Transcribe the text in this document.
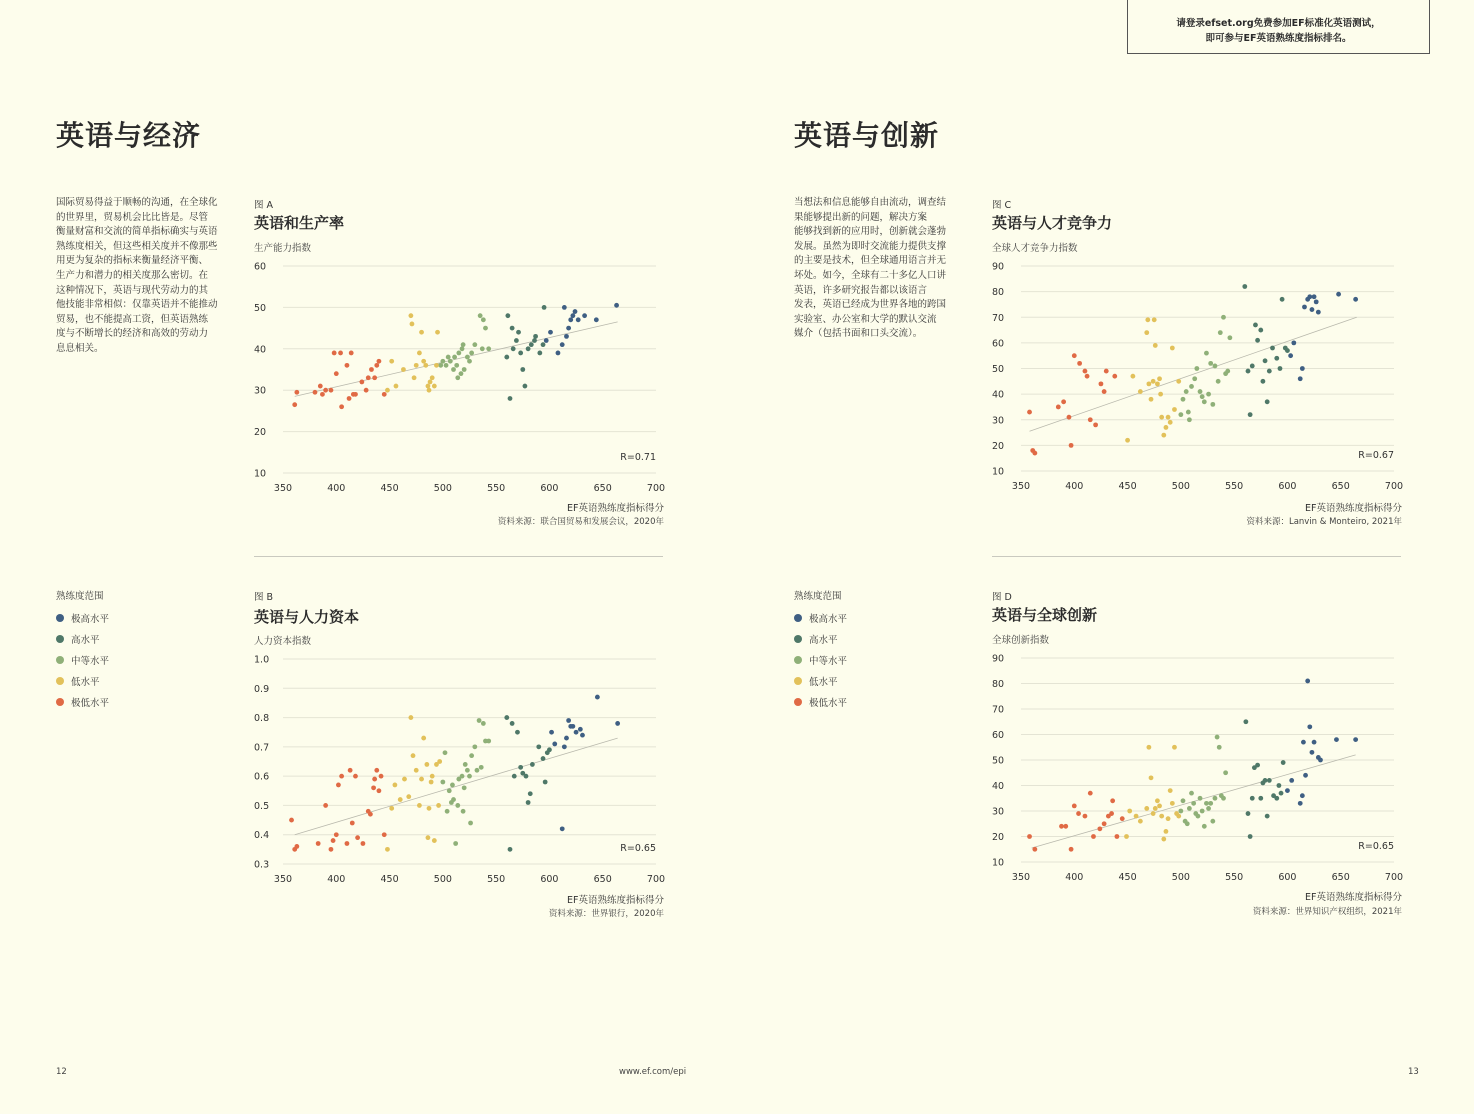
请登录efset.org免费参加EF标准化英语测试，
即可参与EF英语熟练度指标排名。
英语与经济
国际贸易得益于顺畅的沟通，在全球化
的世界里，贸易机会比比皆是。尽管
衡量财富和交流的简单指标确实与英语
熟练度相关，但这些相关度并不像那些
用更为复杂的指标来衡量经济平衡、
生产力和潜力的相关度那么密切。在
这种情况下，英语与现代劳动力的其
他技能非常相似：仅靠英语并不能推动
贸易，也不能提高工资，但英语熟练
度与不断增长的经济和高效的劳动力
息息相关。
熟练度范围
极高水平
高水平
中等水平
低水平
极低水平
英语与创新
当想法和信息能够自由流动，调查结
果能够提出新的问题，解决方案
能够找到新的应用时，创新就会蓬勃
发展。虽然为即时交流能力提供支撑
的主要是技术，但全球通用语言并无
坏处。如今，全球有二十多亿人口讲
英语，许多研究报告都以该语言
发表，英语已经成为世界各地的跨国
实验室、办公室和大学的默认交流
媒介（包括书面和口头交流）。
熟练度范围
极高水平
高水平
中等水平
低水平
极低水平
图 A
英语和生产率
生产能力指数
10
20
30
40
50
60
350	400	450	500	550	600	650	700
R=0.71
EF英语熟练度指标得分
资料来源：联合国贸易和发展会议，2020年
图 B
英语与人力资本
人力资本指数
0.3
0.4
0.5
0.6
0.7
0.8
0.9
1.0
350	400	450	500	550	600	650	700
R=0.65
EF英语熟练度指标得分
资料来源：世界银行，2020年
图 C
英语与人才竞争力
全球人才竞争力指数
10
20
30
40
50
60
70
80
90
350	400	450	500	550	600	650	700
R=0.67
EF英语熟练度指标得分
资料来源：Lanvin & Monteiro, 2021年
图 D
英语与全球创新
全球创新指数
10
20
30
40
50
60
70
80
90
350	400	450	500	550	600	650	700
R=0.65
EF英语熟练度指标得分
资料来源：世界知识产权组织，2021年
12	www.ef.com/epi	13
